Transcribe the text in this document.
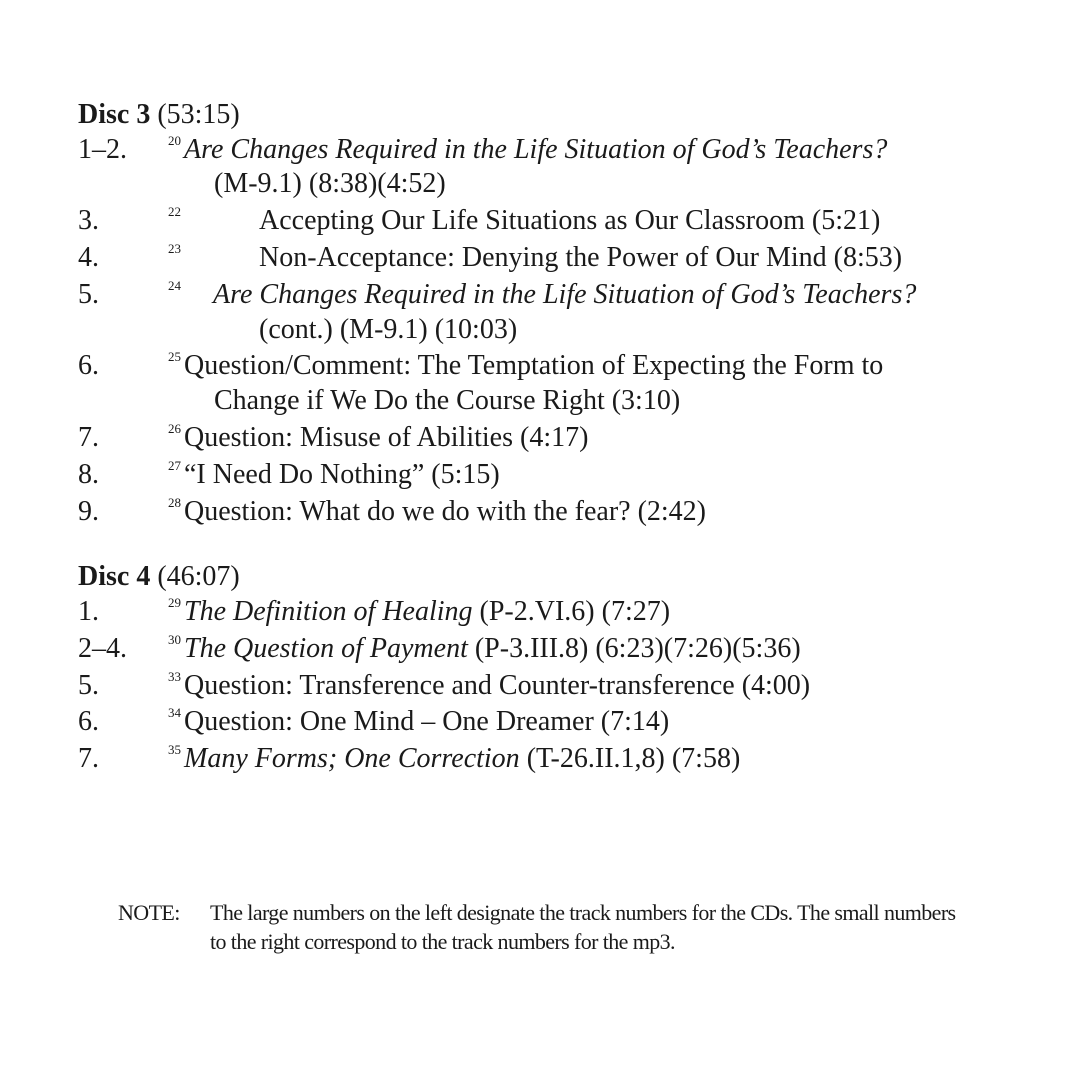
Disc 3 (53:15)
1–2.	20 Are Changes Required in the Life Situation of God’s Teachers?
(M-9.1) (8:38)(4:52)
3.	22	Accepting Our Life Situations as Our Classroom (5:21)
4.	23	Non-Acceptance: Denying the Power of Our Mind (8:53)
5.	24 Are Changes Required in the Life Situation of God’s Teachers?
(cont.) (M-9.1) (10:03)
6.	25 Question/Comment: The Temptation of Expecting the Form to
Change if We Do the Course Right (3:10)
7.	26 Question: Misuse of Abilities (4:17)
8.	27 “I Need Do Nothing” (5:15)
9.	28 Question: What do we do with the fear? (2:42)
Disc 4 (46:07)
1.	29 The Definition of Healing (P-2.VI.6) (7:27)
2–4.	30 The Question of Payment (P-3.III.8) (6:23)(7:26)(5:36)
5.	33 Question: Transference and Counter-transference (4:00)
6.	34 Question: One Mind – One Dreamer (7:14)
7.	35 Many Forms; One Correction (T-26.II.1,8) (7:58)
NOTE: The large numbers on the left designate the track numbers for the CDs. The small numbers to the right correspond to the track numbers for the mp3.
